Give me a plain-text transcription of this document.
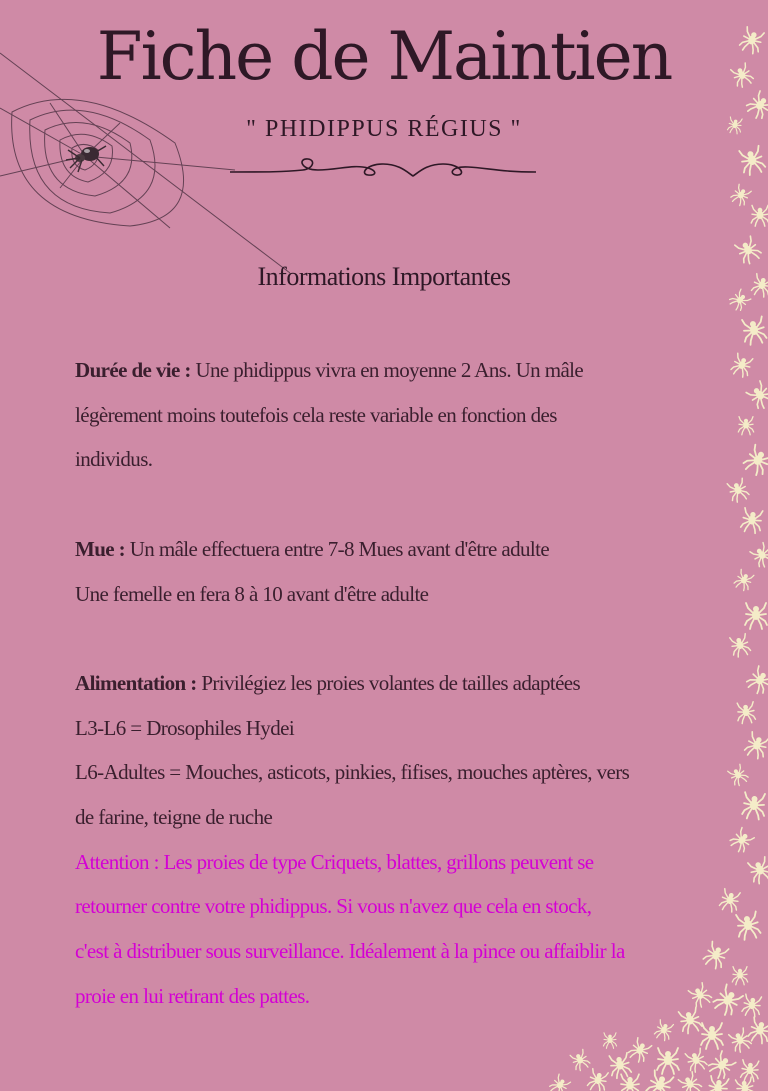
Fiche de Maintien
" PHIDIPPUS RÉGIUS "
Informations Importantes

Durée de vie : Une phidippus vivra en moyenne 2 Ans. Un mâle

légèrement moins toutefois cela reste variable en fonction des

individus.

Mue : Un mâle effectuera entre 7-8 Mues avant d'être adulte

Une femelle en fera 8 à 10 avant d'être adulte

Alimentation : Privilégiez les proies volantes de tailles adaptées

L3-L6 = Drosophiles Hydei

L6-Adultes = Mouches, asticots, pinkies, fifises, mouches aptères, vers

de farine, teigne de ruche

Attention : Les proies de type Criquets, blattes, grillons peuvent se

retourner contre votre phidippus. Si vous n'avez que cela en stock,

c'est à distribuer sous surveillance. Idéalement à la pince ou affaiblir la

proie en lui retirant des pattes.
